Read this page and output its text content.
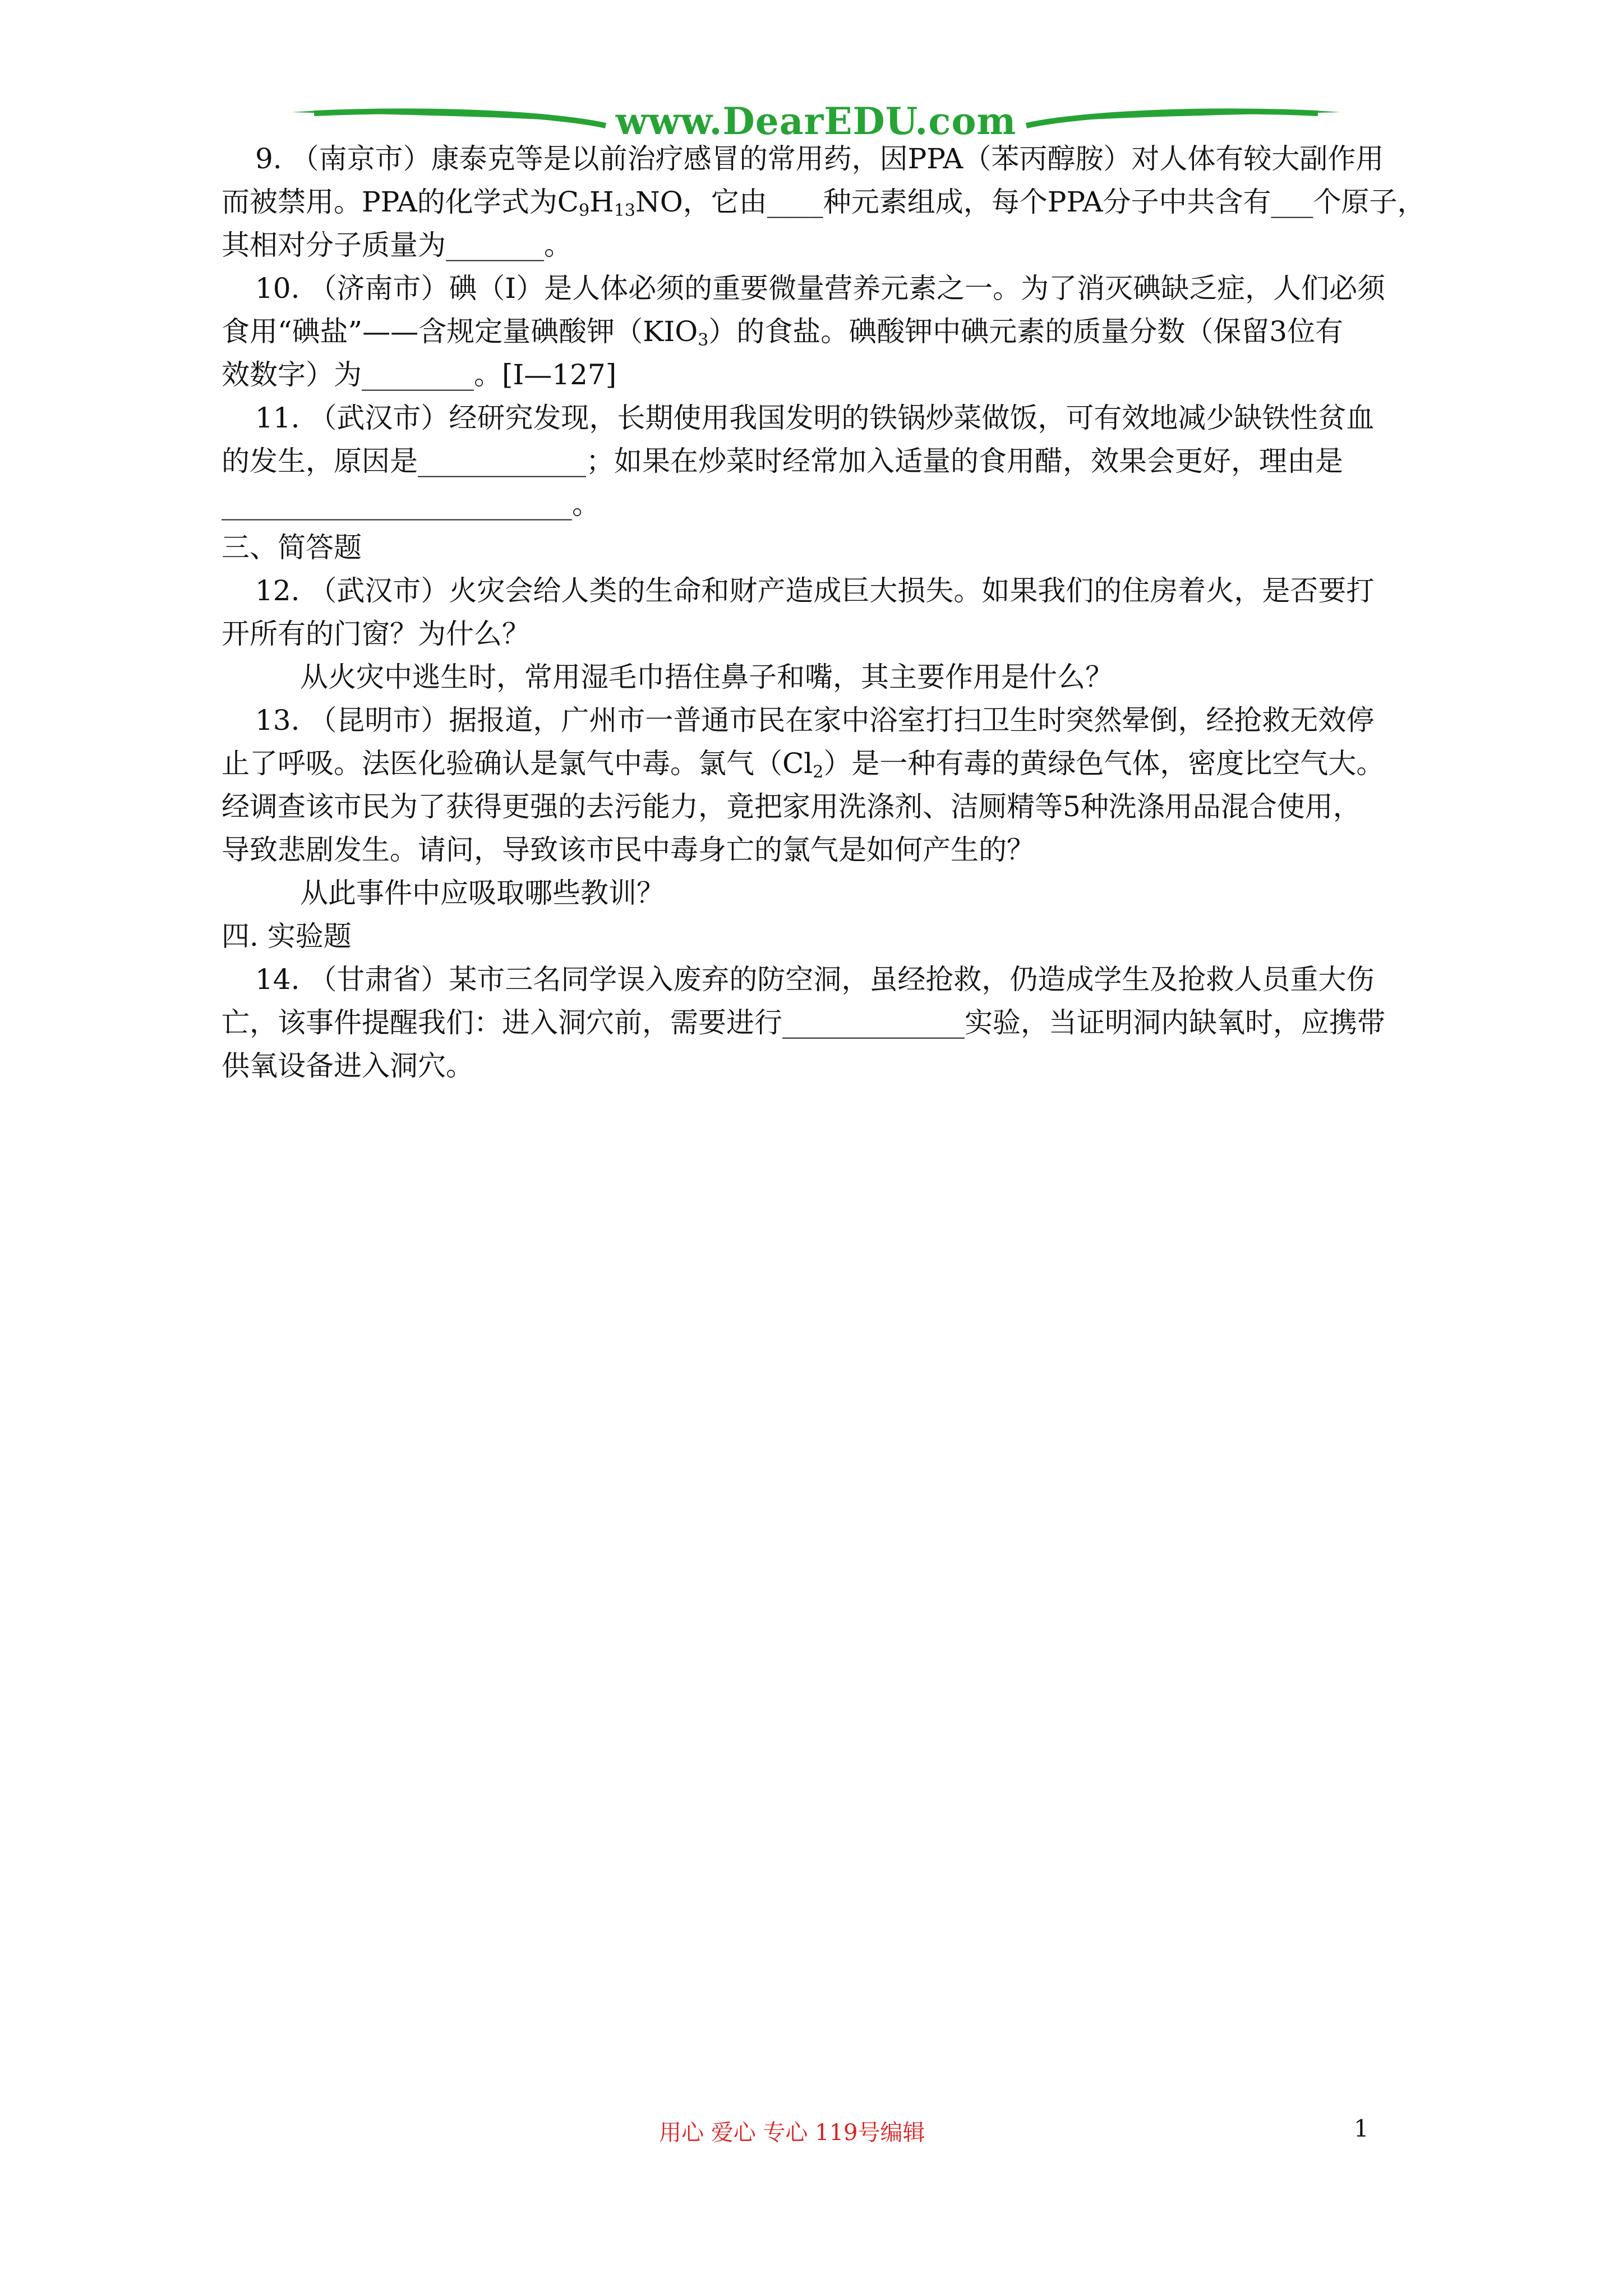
www.DearEDU.com
9. （南京市）康泰克等是以前治疗感冒的常用药，因PPA（苯丙醇胺）对人体有较大副作用
而被禁用。PPA的化学式为$C_9H_{13}NO$，它由____种元素组成，每个PPA分子中共含有___个原子，
其相对分子质量为_______。
10. （济南市）碘（I）是人体必须的重要微量营养元素之一。为了消灭碘缺乏症，人们必须
食用“碘盐”——含规定量碘酸钾$(KIO_3)$的食盐。碘酸钾中碘元素的质量分数（保留3位有
效数字）为________。[I—127]
11. （武汉市）经研究发现，长期使用我国发明的铁锅炒菜做饭，可有效地减少缺铁性贫血
的发生，原因是____________；如果在炒菜时经常加入适量的食用醋，效果会更好，理由是
_________________________。
三、简答题
12. （武汉市）火灾会给人类的生命和财产造成巨大损失。如果我们的住房着火，是否要打
开所有的门窗？为什么？
从火灾中逃生时，常用湿毛巾捂住鼻子和嘴，其主要作用是什么？
13. （昆明市）据报道，广州市一普通市民在家中浴室打扫卫生时突然晕倒，经抢救无效停
止了呼吸。法医化验确认是氯气中毒。氯气$(Cl_2)$是一种有毒的黄绿色气体，密度比空气大。
经调查该市民为了获得更强的去污能力，竟把家用洗涤剂、洁厕精等5种洗涤用品混合使用，
导致悲剧发生。请问，导致该市民中毒身亡的氯气是如何产生的？
从此事件中应吸取哪些教训？
四. 实验题
14. （甘肃省）某市三名同学误入废弃的防空洞，虽经抢救，仍造成学生及抢救人员重大伤
亡，该事件提醒我们：进入洞穴前，需要进行_____________实验，当证明洞内缺氧时，应携带
供氧设备进入洞穴。
用心 爱心 专心 119号编辑	1
